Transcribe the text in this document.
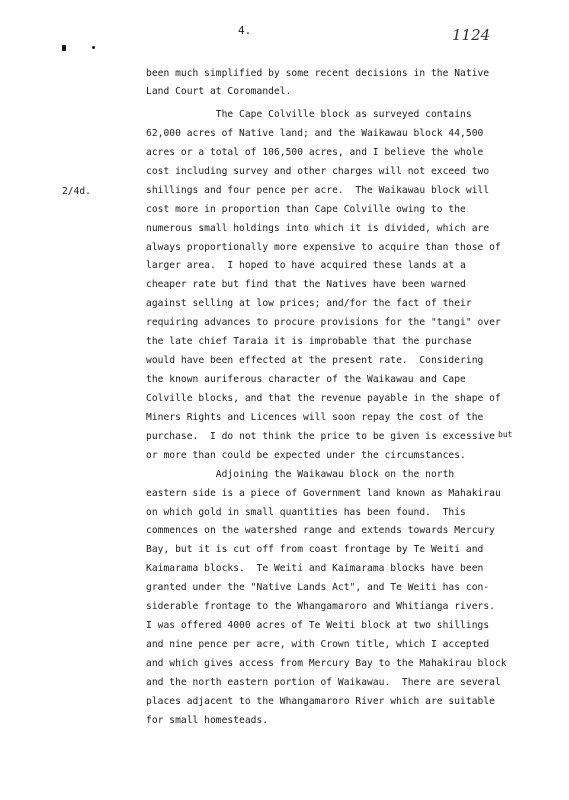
4.	1124
2/4d.
but
been much simplified by some recent decisions in the Native
Land Court at Coromandel.
The Cape Colville block as surveyed contains
62,000 acres of Native land; and the Waikawau block 44,500
acres or a total of 106,500 acres, and I believe the whole
cost including survey and other charges will not exceed two
shillings and four pence per acre.  The Waikawau block will
cost more in proportion than Cape Colville owing to the
numerous small holdings into which it is divided, which are
always proportionally more expensive to acquire than those of
larger area.  I hoped to have acquired these lands at a
cheaper rate but find that the Natives have been warned
against selling at low prices; and/for the fact of their
requiring advances to procure provisions for the "tangi" over
the late chief Taraia it is improbable that the purchase
would have been effected at the present rate.  Considering
the known auriferous character of the Waikawau and Cape
Colville blocks, and that the revenue payable in the shape of
Miners Rights and Licences will soon repay the cost of the
purchase.  I do not think the price to be given is excessive
or more than could be expected under the circumstances.
Adjoining the Waikawau block on the north
eastern side is a piece of Government land known as Mahakirau
on which gold in small quantities has been found.  This
commences on the watershed range and extends towards Mercury
Bay, but it is cut off from coast frontage by Te Weiti and
Kaimarama blocks.  Te Weiti and Kaimarama blocks have been
granted under the "Native Lands Act", and Te Weiti has con-
siderable frontage to the Whangamaroro and Whitianga rivers.
I was offered 4000 acres of Te Weiti block at two shillings
and nine pence per acre, with Crown title, which I accepted
and which gives access from Mercury Bay to the Mahakirau block
and the north eastern portion of Waikawau.  There are several
places adjacent to the Whangamaroro River which are suitable
for small homesteads.
